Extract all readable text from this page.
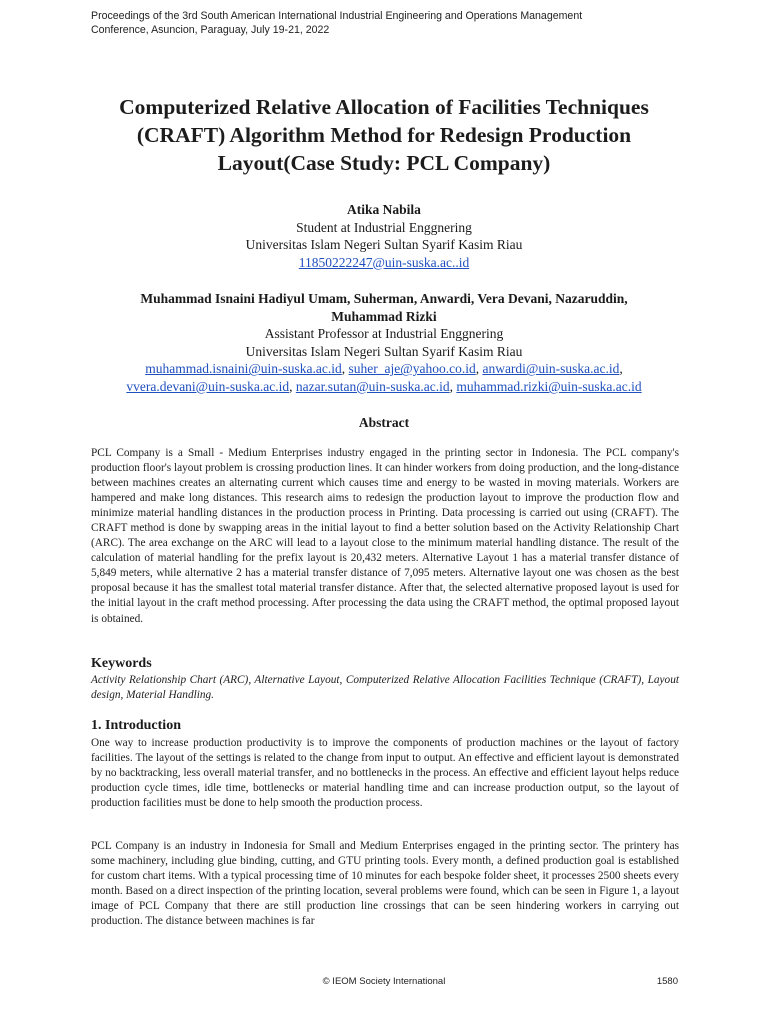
Proceedings of the 3rd South American International Industrial Engineering and Operations Management
Conference, Asuncion, Paraguay, July 19-21, 2022
Computerized Relative Allocation of Facilities Techniques
(CRAFT) Algorithm Method for Redesign Production
Layout(Case Study: PCL Company)
Atika Nabila
Student at Industrial Enggnering
Universitas Islam Negeri Sultan Syarif Kasim Riau
11850222247@uin-suska.ac..id
Muhammad Isnaini Hadiyul Umam, Suherman, Anwardi, Vera Devani, Nazaruddin,
Muhammad Rizki
Assistant Professor at Industrial Enggnering
Universitas Islam Negeri Sultan Syarif Kasim Riau
muhammad.isnaini@uin-suska.ac.id, suher_aje@yahoo.co.id, anwardi@uin-suska.ac.id,
vvera.devani@uin-suska.ac.id, nazar.sutan@uin-suska.ac.id, muhammad.rizki@uin-suska.ac.id
Abstract
PCL Company is a Small - Medium Enterprises industry engaged in the printing sector in Indonesia. The PCL company's production floor's layout problem is crossing production lines. It can hinder workers from doing production, and the long-distance between machines creates an alternating current which causes time and energy to be wasted in moving materials. Workers are hampered and make long distances. This research aims to redesign the production layout to improve the production flow and minimize material handling distances in the production process in Printing. Data processing is carried out using (CRAFT). The CRAFT method is done by swapping areas in the initial layout to find a better solution based on the Activity Relationship Chart (ARC). The area exchange on the ARC will lead to a layout close to the minimum material handling distance. The result of the calculation of material handling for the prefix layout is 20,432 meters. Alternative Layout 1 has a material transfer distance of 5,849 meters, while alternative 2 has a material transfer distance of 7,095 meters. Alternative layout one was chosen as the best proposal because it has the smallest total material transfer distance. After that, the selected alternative proposed layout is used for the initial layout in the craft method processing. After processing the data using the CRAFT method, the optimal proposed layout is obtained.
Keywords
Activity Relationship Chart (ARC), Alternative Layout, Computerized Relative Allocation Facilities Technique (CRAFT), Layout design, Material Handling.
1. Introduction
One way to increase production productivity is to improve the components of production machines or the layout of factory facilities. The layout of the settings is related to the change from input to output. An effective and efficient layout is demonstrated by no backtracking, less overall material transfer, and no bottlenecks in the process. An effective and efficient layout helps reduce production cycle times, idle time, bottlenecks or material handling time and can increase production output, so the layout of production facilities must be done to help smooth the production process.
PCL Company is an industry in Indonesia for Small and Medium Enterprises engaged in the printing sector. The printery has some machinery, including glue binding, cutting, and GTU printing tools. Every month, a defined production goal is established for custom chart items. With a typical processing time of 10 minutes for each bespoke folder sheet, it processes 2500 sheets every month. Based on a direct inspection of the printing location, several problems were found, which can be seen in Figure 1, a layout image of PCL Company that there are still production line crossings that can be seen hindering workers in carrying out production. The distance between machines is far
© IEOM Society International	1580
